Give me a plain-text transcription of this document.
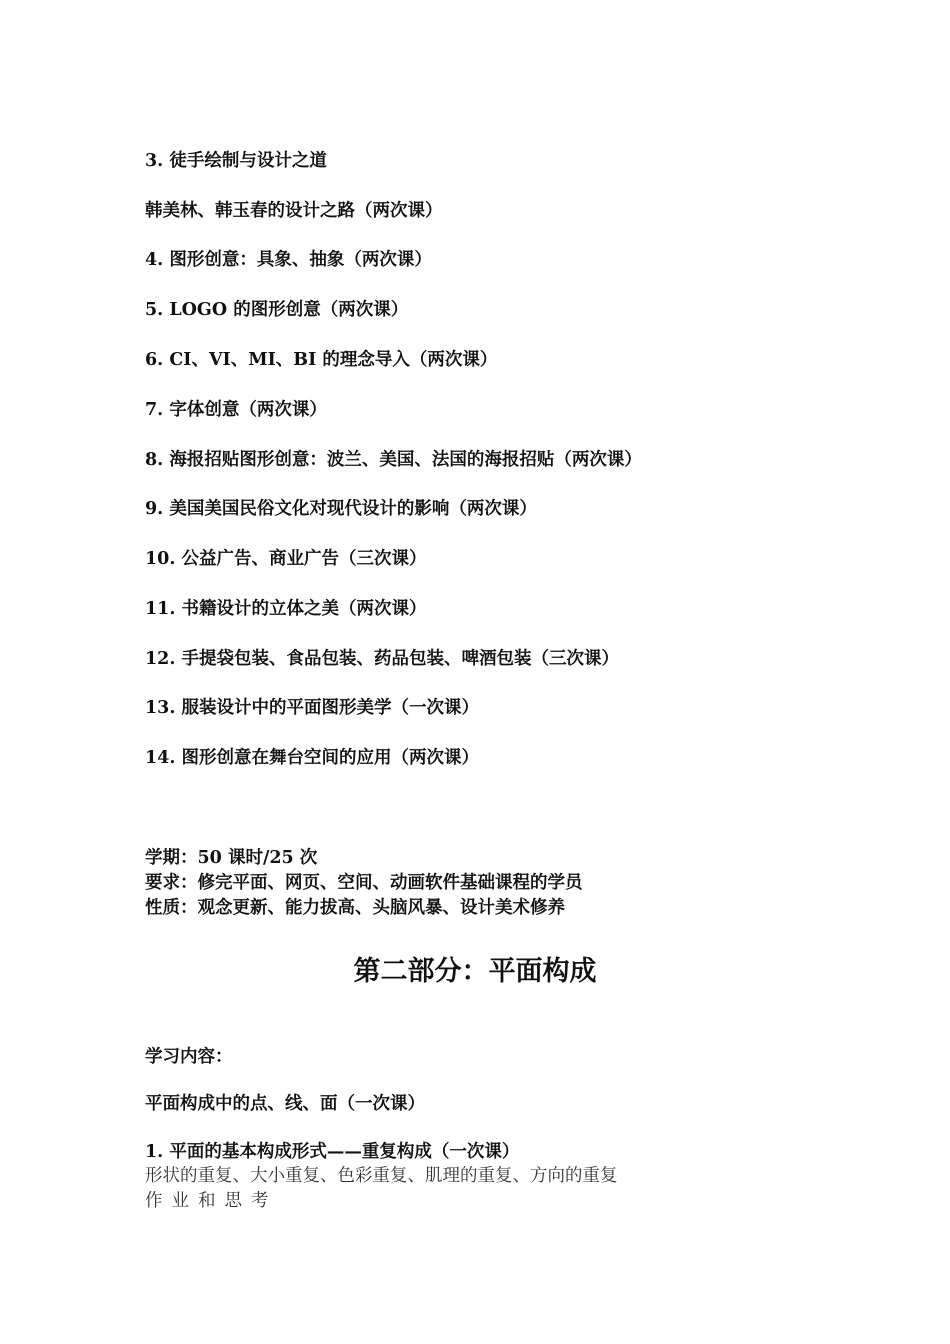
3. 徒手绘制与设计之道
韩美林、韩玉春的设计之路（两次课）
4. 图形创意：具象、抽象（两次课）
5. LOGO 的图形创意（两次课）
6. CI、VI、MI、BI 的理念导入（两次课）
7. 字体创意（两次课）
8. 海报招贴图形创意：波兰、美国、法国的海报招贴（两次课）
9. 美国美国民俗文化对现代设计的影响（两次课）
10. 公益广告、商业广告（三次课）
11. 书籍设计的立体之美（两次课）
12. 手提袋包装、食品包装、药品包装、啤酒包装（三次课）
13. 服装设计中的平面图形美学（一次课）
14. 图形创意在舞台空间的应用（两次课）
学期：50 课时/25 次
要求：修完平面、网页、空间、动画软件基础课程的学员
性质：观念更新、能力拔高、头脑风暴、设计美术修养
第二部分：平面构成
学习内容：
平面构成中的点、线、面（一次课）
1. 平面的基本构成形式——重复构成（一次课）
形状的重复、大小重复、色彩重复、肌理的重复、方向的重复
作业和思考
